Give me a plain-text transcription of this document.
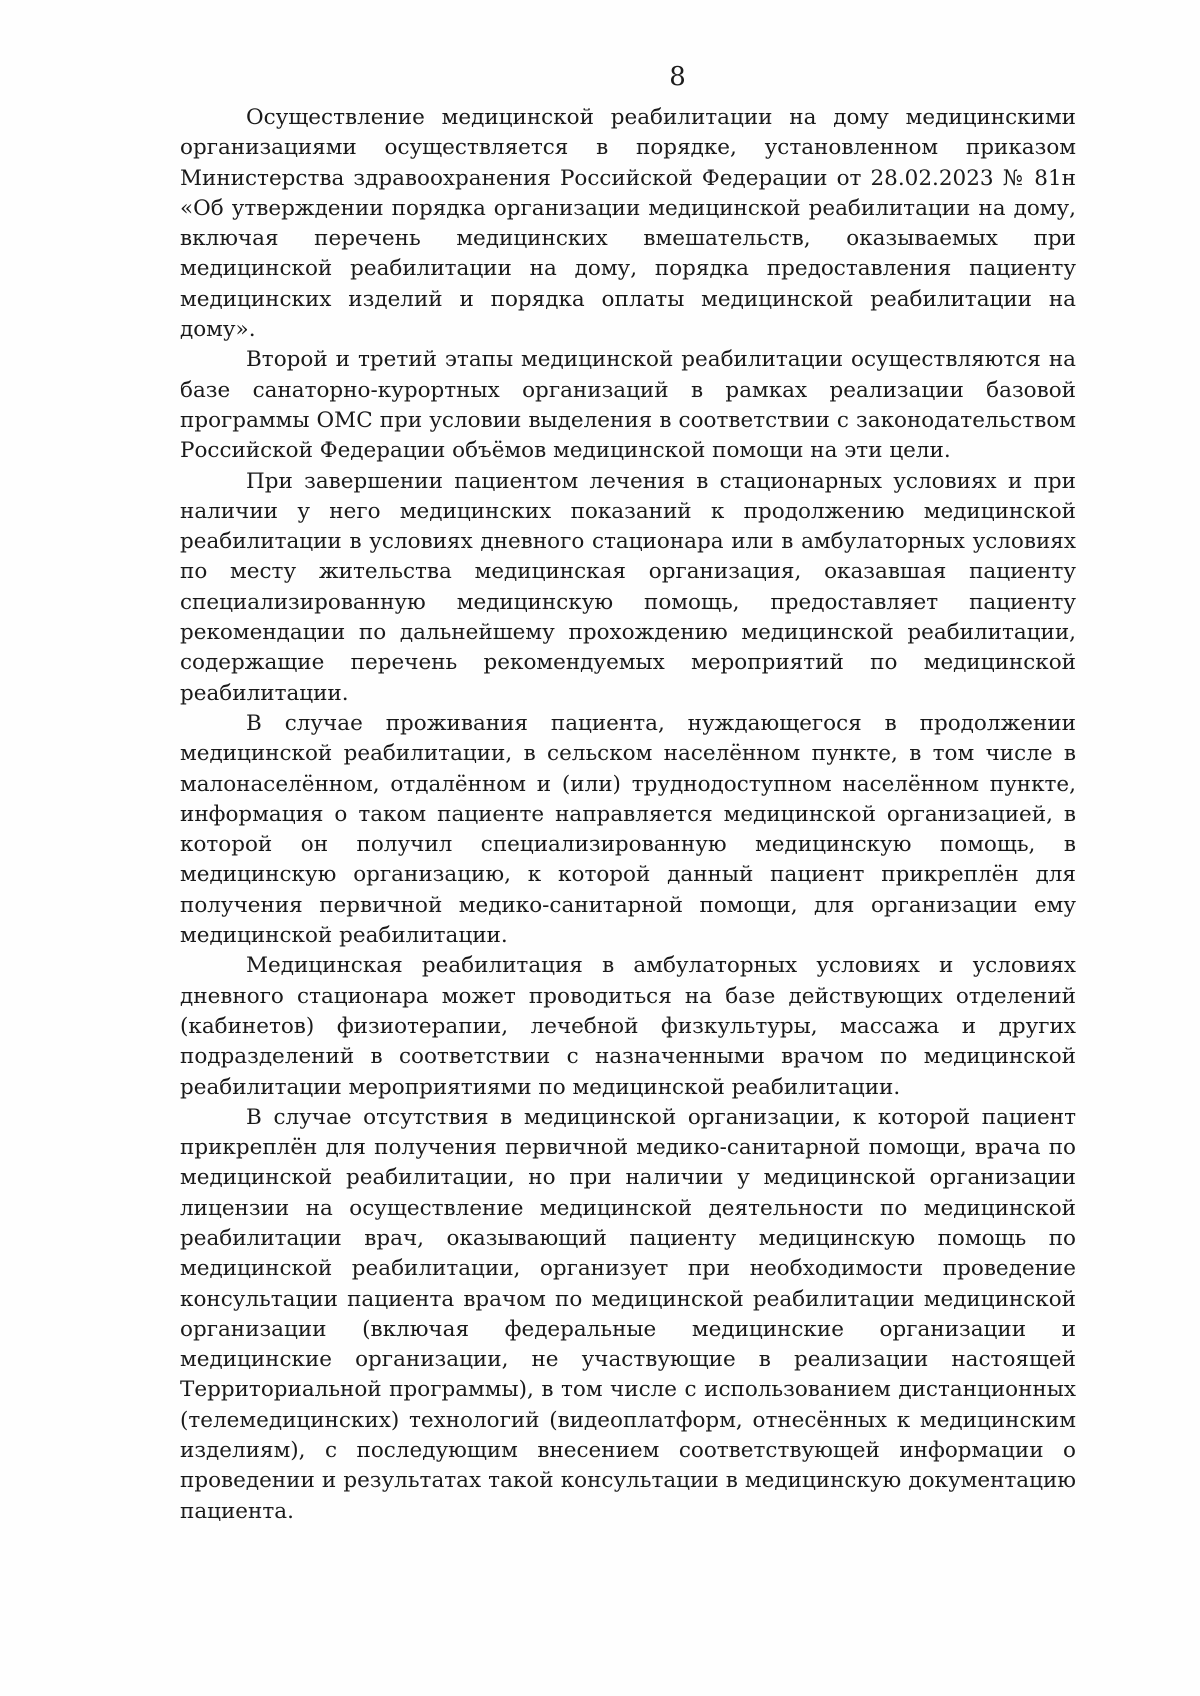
8

Осуществление медицинской реабилитации на дому медицинскими организациями осуществляется в порядке, установленном приказом Министерства здравоохранения Российской Федерации от 28.02.2023 № 81н «Об утверждении порядка организации медицинской реабилитации на дому, включая перечень медицинских вмешательств, оказываемых при медицинской реабилитации на дому, порядка предоставления пациенту медицинских изделий и порядка оплаты медицинской реабилитации на дому».

Второй и третий этапы медицинской реабилитации осуществляются на базе санаторно-курортных организаций в рамках реализации базовой программы ОМС при условии выделения в соответствии с законодательством Российской Федерации объёмов медицинской помощи на эти цели.

При завершении пациентом лечения в стационарных условиях и при наличии у него медицинских показаний к продолжению медицинской реабилитации в условиях дневного стационара или в амбулаторных условиях по месту жительства медицинская организация, оказавшая пациенту специализированную медицинскую помощь, предоставляет пациенту рекомендации по дальнейшему прохождению медицинской реабилитации, содержащие перечень рекомендуемых мероприятий по медицинской реабилитации.

В случае проживания пациента, нуждающегося в продолжении медицинской реабилитации, в сельском населённом пункте, в том числе в малонаселённом, отдалённом и (или) труднодоступном населённом пункте, информация о таком пациенте направляется медицинской организацией, в которой он получил специализированную медицинскую помощь, в медицинскую организацию, к которой данный пациент прикреплён для получения первичной медико-санитарной помощи, для организации ему медицинской реабилитации.

Медицинская реабилитация в амбулаторных условиях и условиях дневного стационара может проводиться на базе действующих отделений (кабинетов) физиотерапии, лечебной физкультуры, массажа и других подразделений в соответствии с назначенными врачом по медицинской реабилитации мероприятиями по медицинской реабилитации.

В случае отсутствия в медицинской организации, к которой пациент прикреплён для получения первичной медико-санитарной помощи, врача по медицинской реабилитации, но при наличии у медицинской организации лицензии на осуществление медицинской деятельности по медицинской реабилитации врач, оказывающий пациенту медицинскую помощь по медицинской реабилитации, организует при необходимости проведение консультации пациента врачом по медицинской реабилитации медицинской организации (включая федеральные медицинские организации и медицинские организации, не участвующие в реализации настоящей Территориальной программы), в том числе с использованием дистанционных (телемедицинских) технологий (видеоплатформ, отнесённых к медицинским изделиям), с последующим внесением соответствующей информации о проведении и результатах такой консультации в медицинскую документацию пациента.
